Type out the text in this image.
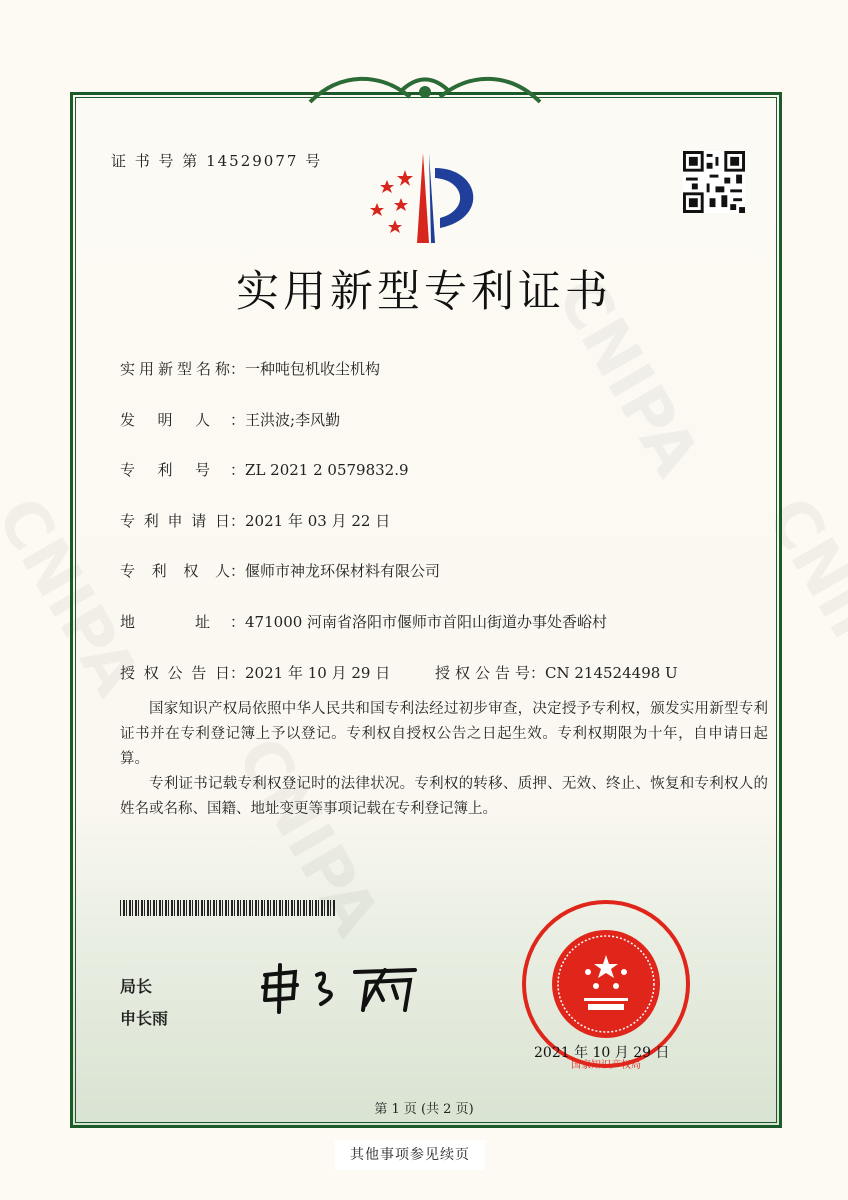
证 书 号 第 14529077 号
实用新型专利证书
实用新型名称：一种吨包机收尘机构
发明人 ：王洪波;李风勤
专利号 ：ZL 2021 2 0579832.9
专利申请日：2021 年 03 月 22 日
专利权人：偃师市神龙环保材料有限公司
地址 ：471000 河南省洛阳市偃师市首阳山街道办事处香峪村
授权公告日：2021 年 10 月 29 日	授权公告号：CN 214524498 U

国家知识产权局依照中华人民共和国专利法经过初步审查，决定授予专利权，颁发实用新型专利证书并在专利登记簿上予以登记。专利权自授权公告之日起生效。专利权期限为十年，自申请日起算。

专利证书记载专利权登记时的法律状况。专利权的转移、质押、无效、终止、恢复和专利权人的姓名或名称、国籍、地址变更等事项记载在专利登记簿上。

局长
申长雨
国家知识产权局
2021 年 10 月 29 日
第 1 页 (共 2 页)
其他事项参见续页
